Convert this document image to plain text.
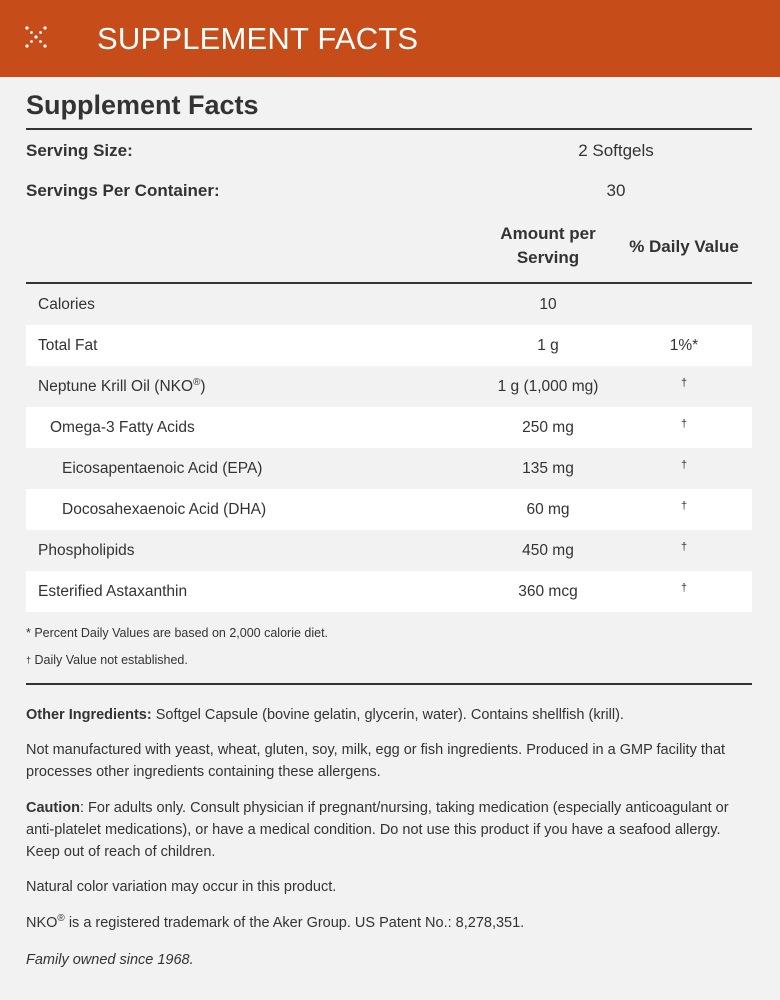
SUPPLEMENT FACTS
Supplement Facts
Serving Size:	2 Softgels
Servings Per Container:	30
Amount per
Serving
% Daily Value
Calories	10
Total Fat	1 g	1%*
Neptune Krill Oil (NKO®)	1 g (1,000 mg)	†
Omega-3 Fatty Acids	250 mg	†
Eicosapentaenoic Acid (EPA)	135 mg	†
Docosahexaenoic Acid (DHA)	60 mg	†
Phospholipids	450 mg	†
Esterified Astaxanthin	360 mcg	†
* Percent Daily Values are based on 2,000 calorie diet.
† Daily Value not established.
Other Ingredients: Softgel Capsule (bovine gelatin, glycerin, water). Contains shellfish (krill).
Not manufactured with yeast, wheat, gluten, soy, milk, egg or fish ingredients. Produced in a GMP facility that processes other ingredients containing these allergens.
Caution: For adults only. Consult physician if pregnant/nursing, taking medication (especially anticoagulant or anti-platelet medications), or have a medical condition. Do not use this product if you have a seafood allergy. Keep out of reach of children.
Natural color variation may occur in this product.
NKO® is a registered trademark of the Aker Group. US Patent No.: 8,278,351.
Family owned since 1968.
